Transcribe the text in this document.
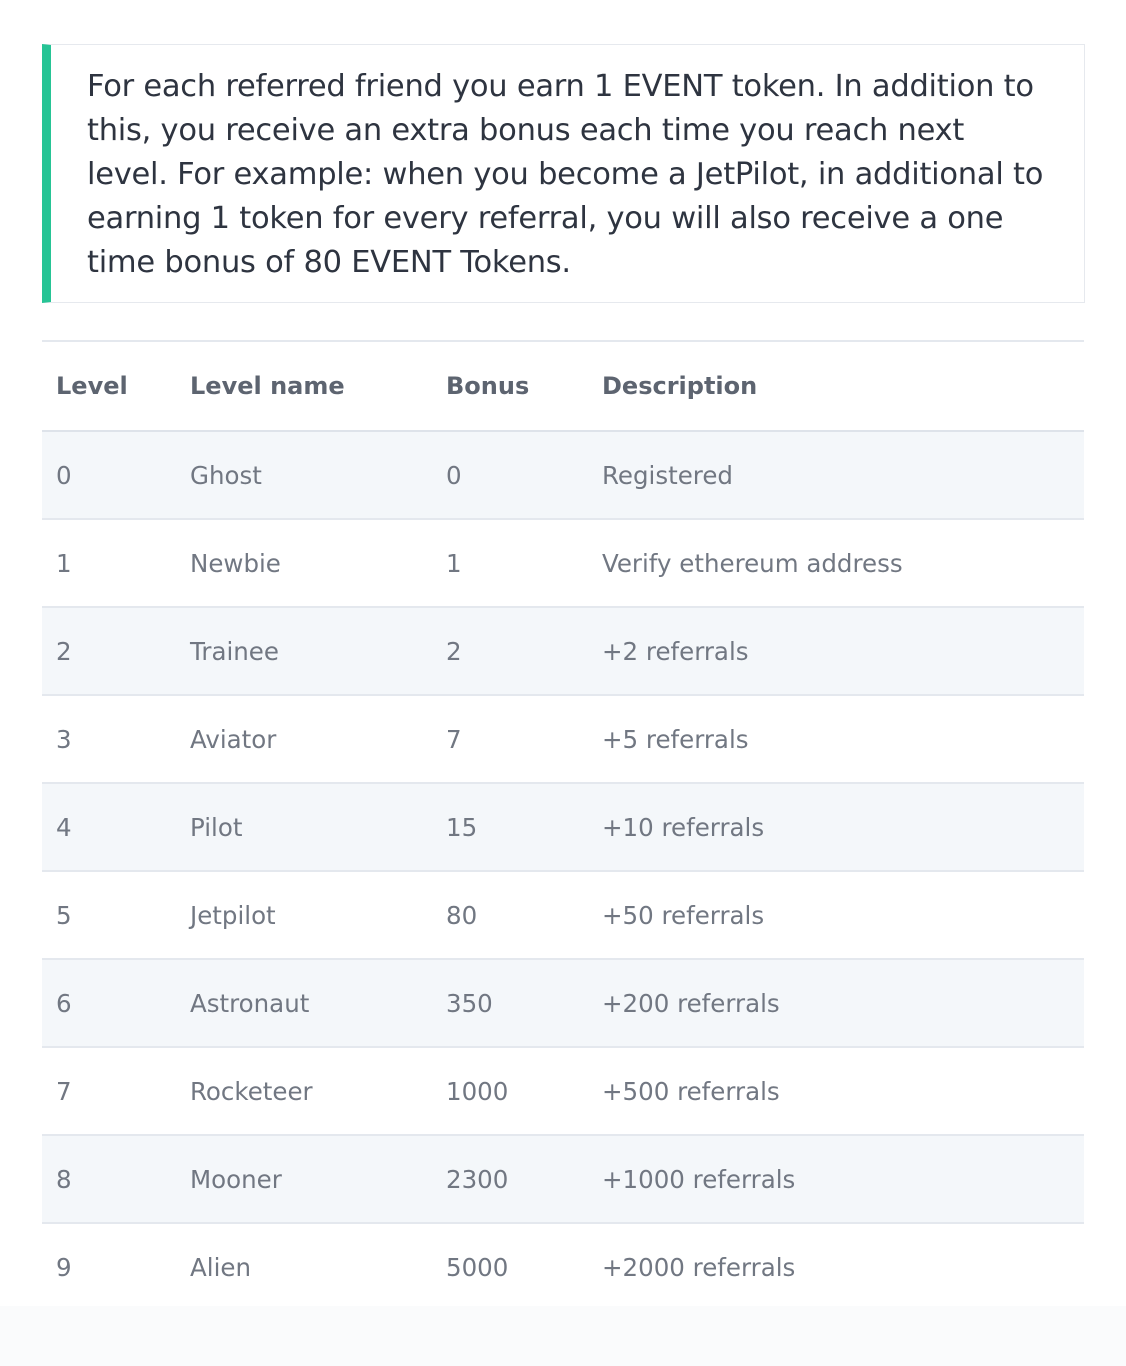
For each referred friend you earn 1 EVENT token. In addition to this, you receive an extra bonus each time you reach next level. For example: when you become a JetPilot, in additional to earning 1 token for every referral, you will also receive a one time bonus of 80 EVENT Tokens.

Level	Level name	Bonus	Description
0	Ghost	0	Registered
1	Newbie	1	Verify ethereum address
2	Trainee	2	+2 referrals
3	Aviator	7	+5 referrals
4	Pilot	15	+10 referrals
5	Jetpilot	80	+50 referrals
6	Astronaut	350	+200 referrals
7	Rocketeer	1000	+500 referrals
8	Mooner	2300	+1000 referrals
9	Alien	5000	+2000 referrals
